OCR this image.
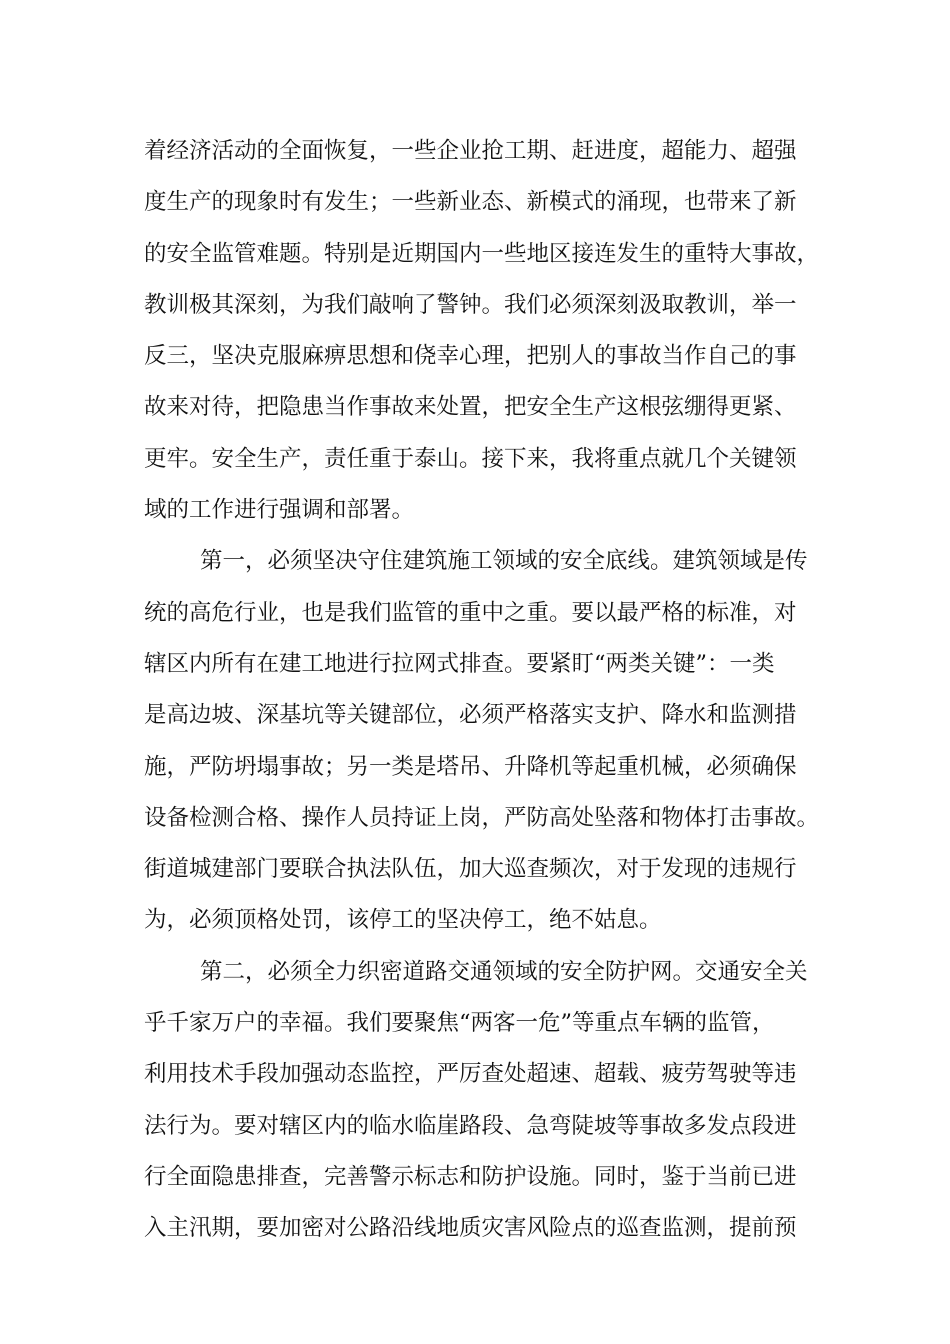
着经济活动的全面恢复，一些企业抢工期、赶进度，超能力、超强
度生产的现象时有发生；一些新业态、新模式的涌现，也带来了新
的安全监管难题。特别是近期国内一些地区接连发生的重特大事故，
教训极其深刻，为我们敲响了警钟。我们必须深刻汲取教训，举一
反三，坚决克服麻痹思想和侥幸心理，把别人的事故当作自己的事
故来对待，把隐患当作事故来处置，把安全生产这根弦绷得更紧、
更牢。安全生产，责任重于泰山。接下来，我将重点就几个关键领
域的工作进行强调和部署。
第一，必须坚决守住建筑施工领域的安全底线。建筑领域是传
统的高危行业，也是我们监管的重中之重。要以最严格的标准，对
辖区内所有在建工地进行拉网式排查。要紧盯“两类关键”：一类
是高边坡、深基坑等关键部位，必须严格落实支护、降水和监测措
施，严防坍塌事故；另一类是塔吊、升降机等起重机械，必须确保
设备检测合格、操作人员持证上岗，严防高处坠落和物体打击事故。
街道城建部门要联合执法队伍，加大巡查频次，对于发现的违规行
为，必须顶格处罚，该停工的坚决停工，绝不姑息。
第二，必须全力织密道路交通领域的安全防护网。交通安全关
乎千家万户的幸福。我们要聚焦“两客一危”等重点车辆的监管，
利用技术手段加强动态监控，严厉查处超速、超载、疲劳驾驶等违
法行为。要对辖区内的临水临崖路段、急弯陡坡等事故多发点段进
行全面隐患排查，完善警示标志和防护设施。同时，鉴于当前已进
入主汛期，要加密对公路沿线地质灾害风险点的巡查监测，提前预
